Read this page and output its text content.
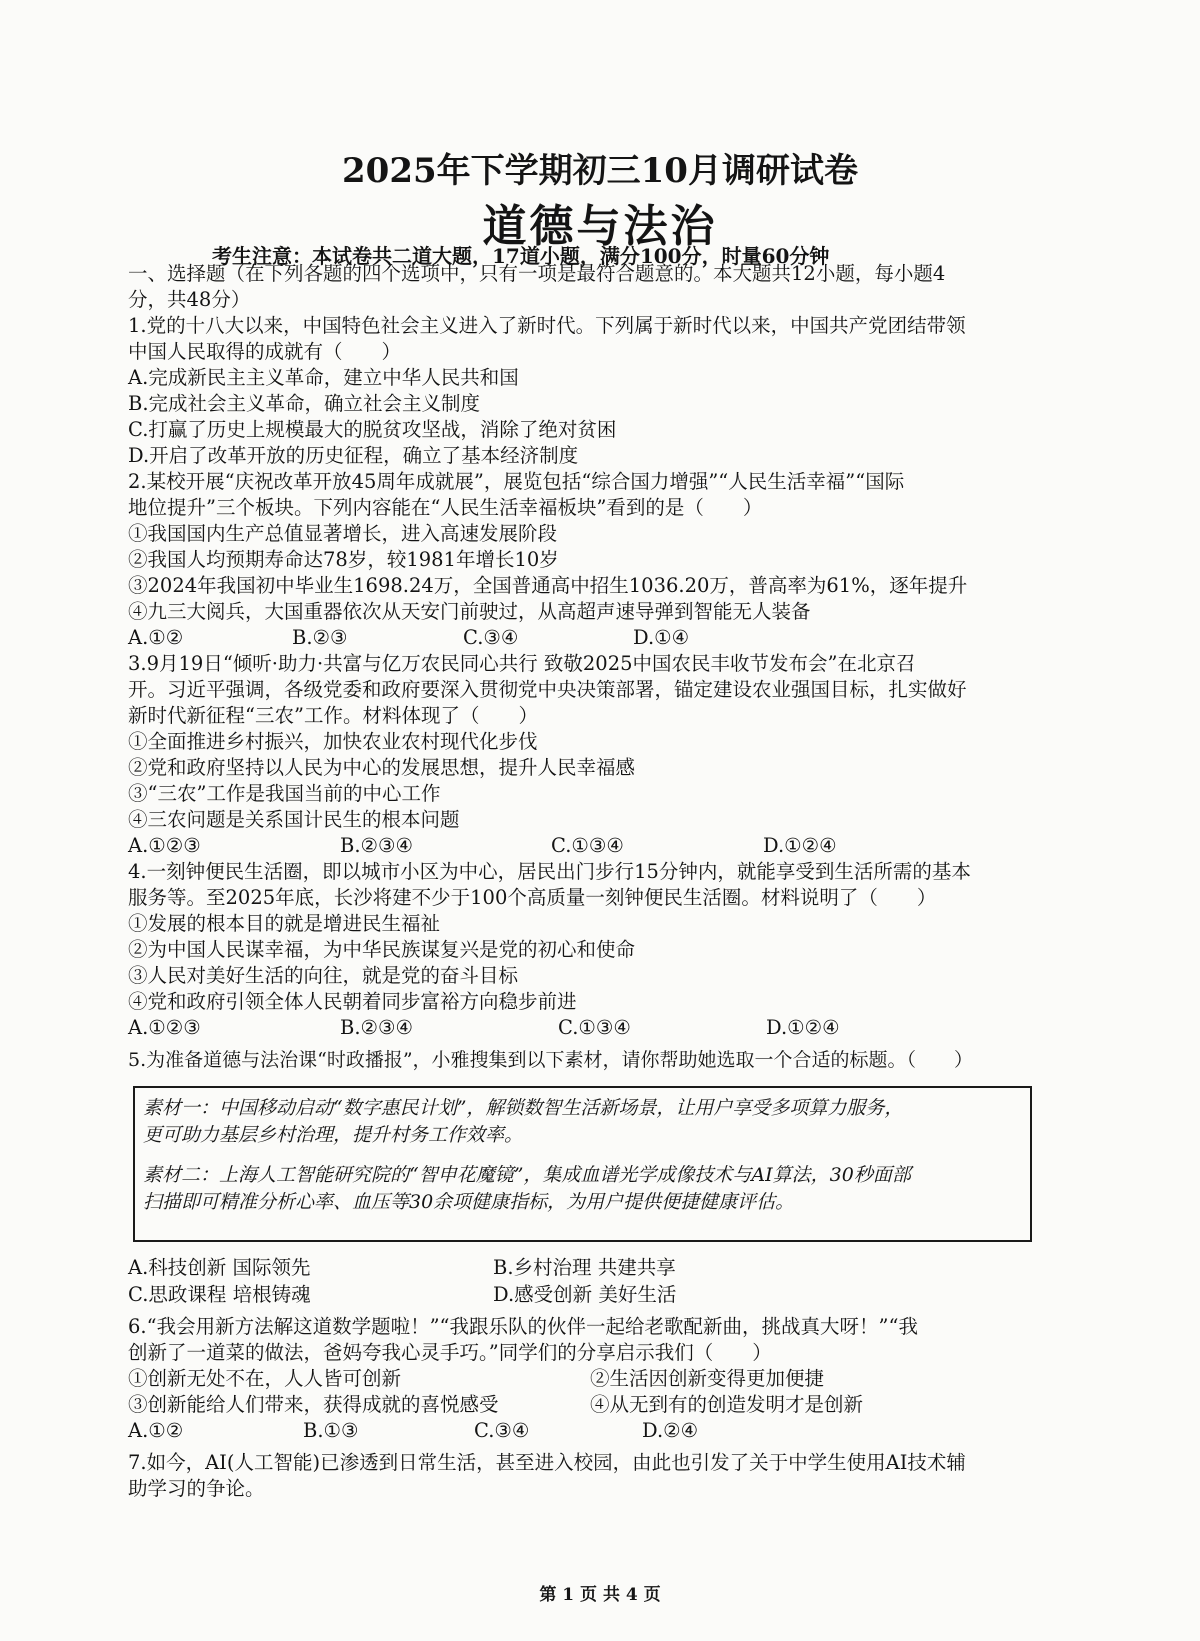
2025年下学期初三10月调研试卷
道德与法治
考生注意：本试卷共二道大题，17道小题，满分100分，时量60分钟
一、选择题（在下列各题的四个选项中，只有一项是最符合题意的。本大题共12小题，每小题4
分，共48分）
1.党的十八大以来，中国特色社会主义进入了新时代。下列属于新时代以来，中国共产党团结带领
中国人民取得的成就有（　　）
A.完成新民主主义革命，建立中华人民共和国
B.完成社会主义革命，确立社会主义制度
C.打赢了历史上规模最大的脱贫攻坚战，消除了绝对贫困
D.开启了改革开放的历史征程，确立了基本经济制度
2.某校开展“庆祝改革开放45周年成就展”，展览包括“综合国力增强”“人民生活幸福”“国际
地位提升”三个板块。下列内容能在“人民生活幸福板块”看到的是（　　）
①我国国内生产总值显著增长，进入高速发展阶段
②我国人均预期寿命达78岁，较1981年增长10岁
③2024年我国初中毕业生1698.24万，全国普通高中招生1036.20万，普高率为61%，逐年提升
④九三大阅兵，大国重器依次从天安门前驶过，从高超声速导弹到智能无人装备
A.①②	B.②③	C.③④	D.①④
3.9月19日“倾听·助力·共富与亿万农民同心共行 致敬2025中国农民丰收节发布会”在北京召
开。习近平强调，各级党委和政府要深入贯彻党中央决策部署，锚定建设农业强国目标，扎实做好
新时代新征程“三农”工作。材料体现了（　　）
①全面推进乡村振兴，加快农业农村现代化步伐
②党和政府坚持以人民为中心的发展思想，提升人民幸福感
③“三农”工作是我国当前的中心工作
④三农问题是关系国计民生的根本问题
A.①②③	B.②③④	C.①③④	D.①②④
4.一刻钟便民生活圈，即以城市小区为中心，居民出门步行15分钟内，就能享受到生活所需的基本
服务等。至2025年底，长沙将建不少于100个高质量一刻钟便民生活圈。材料说明了（　　）
①发展的根本目的就是增进民生福祉
②为中国人民谋幸福，为中华民族谋复兴是党的初心和使命
③人民对美好生活的向往，就是党的奋斗目标
④党和政府引领全体人民朝着同步富裕方向稳步前进
A.①②③	B.②③④	C.①③④	D.①②④
5.为准备道德与法治课“时政播报”，小雅搜集到以下素材，请你帮助她选取一个合适的标题。（　　）
素材一：中国移动启动“数字惠民计划”，解锁数智生活新场景，让用户享受多项算力服务，
更可助力基层乡村治理，提升村务工作效率。
素材二：上海人工智能研究院的“智申花魔镜”，集成血谱光学成像技术与AI算法，30秒面部
扫描即可精准分析心率、血压等30余项健康指标，为用户提供便捷健康评估。
A.科技创新 国际领先	B.乡村治理 共建共享
C.思政课程 培根铸魂	D.感受创新 美好生活
6.“我会用新方法解这道数学题啦！”“我跟乐队的伙伴一起给老歌配新曲，挑战真大呀！”“我
创新了一道菜的做法，爸妈夸我心灵手巧。”同学们的分享启示我们（　　）
①创新无处不在，人人皆可创新	②生活因创新变得更加便捷
③创新能给人们带来，获得成就的喜悦感受	④从无到有的创造发明才是创新
A.①②	B.①③	C.③④	D.②④
7.如今，AI(人工智能)已渗透到日常生活，甚至进入校园，由此也引发了关于中学生使用AI技术辅
助学习的争论。
第 1 页 共 4 页
